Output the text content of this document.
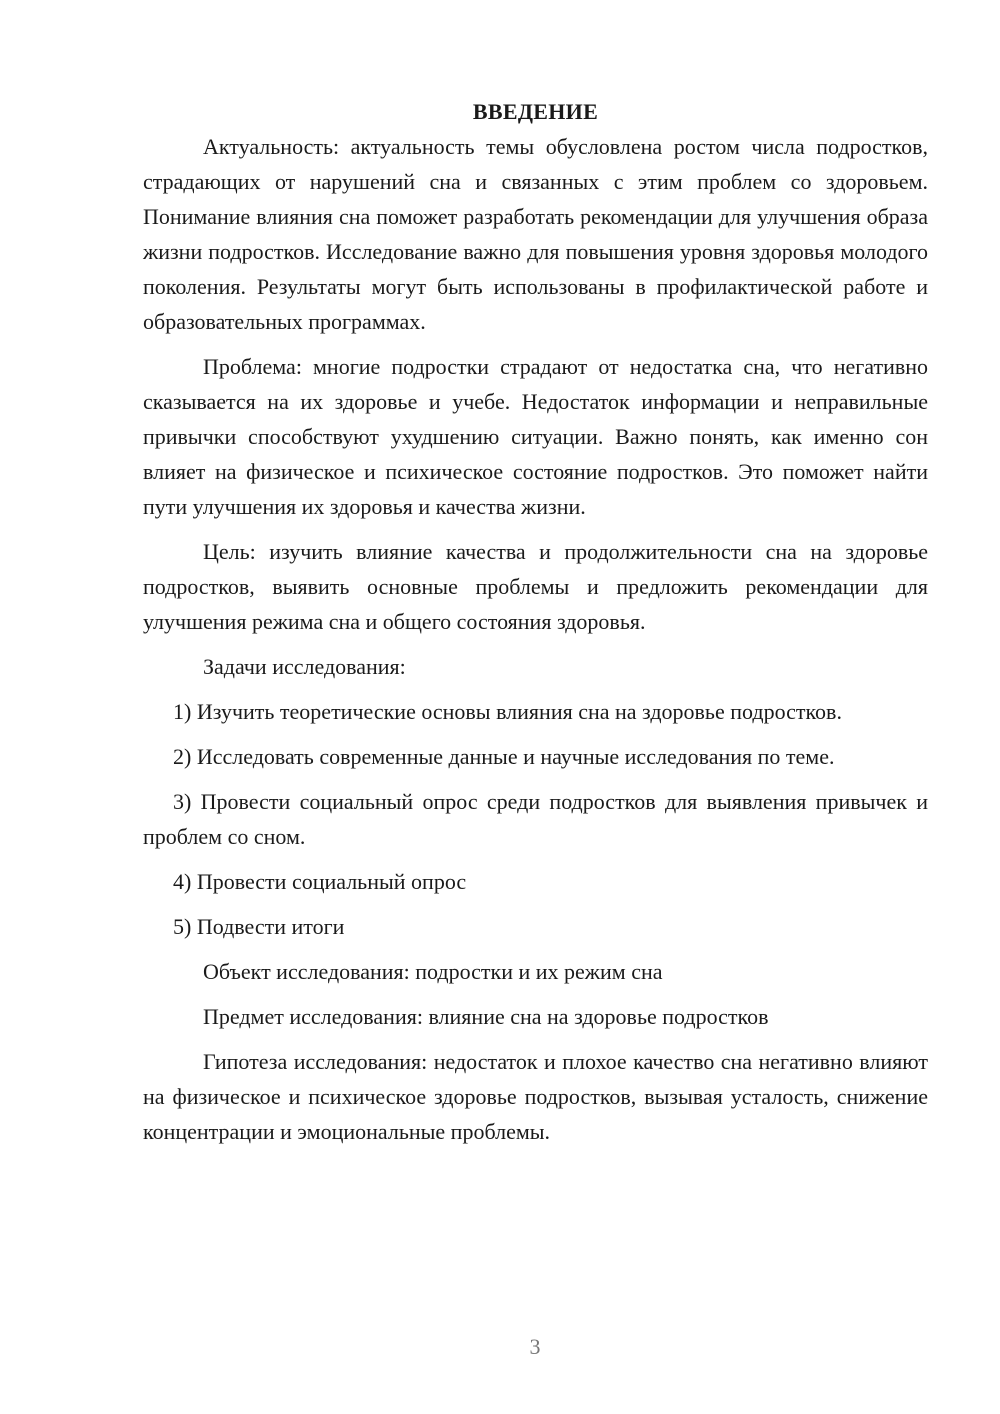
ВВЕДЕНИЕ

Актуальность: актуальность темы обусловлена ростом числа подростков, страдающих от нарушений сна и связанных с этим проблем со здоровьем. Понимание влияния сна поможет разработать рекомендации для улучшения образа жизни подростков. Исследование важно для повышения уровня здоровья молодого поколения. Результаты могут быть использованы в профилактической работе и образовательных программах.

Проблема: многие подростки страдают от недостатка сна, что негативно сказывается на их здоровье и учебе. Недостаток информации и неправильные привычки способствуют ухудшению ситуации. Важно понять, как именно сон влияет на физическое и психическое состояние подростков. Это поможет найти пути улучшения их здоровья и качества жизни.

Цель: изучить влияние качества и продолжительности сна на здоровье подростков, выявить основные проблемы и предложить рекомендации для улучшения режима сна и общего состояния здоровья.

Задачи исследования:

1) Изучить теоретические основы влияния сна на здоровье подростков.

2) Исследовать современные данные и научные исследования по теме.

3) Провести социальный опрос среди подростков для выявления привычек и проблем со сном.

4) Провести социальный опрос

5) Подвести итоги

Объект исследования: подростки и их режим сна

Предмет исследования: влияние сна на здоровье подростков

Гипотеза исследования: недостаток и плохое качество сна негативно влияют на физическое и психическое здоровье подростков, вызывая усталость, снижение концентрации и эмоциональные проблемы.

3
